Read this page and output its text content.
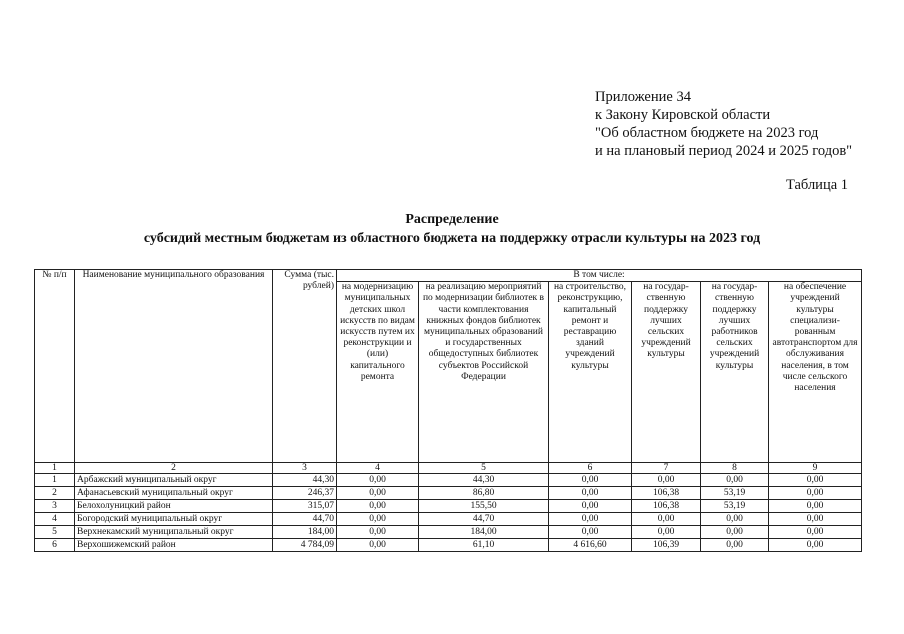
Приложение 34
к Закону Кировской области
"Об областном бюджете на 2023 год
и на плановый период 2024 и 2025 годов"
Таблица 1
Распределение
субсидий местным бюджетам из областного бюджета на поддержку отрасли культуры на 2023 год
№ п/п	Наименование муниципального образования	Сумма (тыс. рублей)	В том числе:					
			на модернизацию муниципальных детских школ искусств по видам искусств путем их реконструкции и (или) капитального ремонта	на реализацию мероприятий по модернизации библиотек в части комплектования книжных фондов библиотек муниципальных образований и государственных общедоступных библиотек субъектов Российской Федерации	на строительство, реконструкцию, капитальный ремонт и реставрацию зданий учреждений культуры	на государ- ственную поддержку лучших сельских учреждений культуры	на государ- ственную поддержку лучших работников сельских учреждений культуры	на обеспечение учреждений культуры специализи- рованным автотранспортом для обслуживания населения, в том числе сельского населения
1	2	3	4	5	6	7	8	9
1	Арбажский муниципальный округ	44,30	0,00	44,30	0,00	0,00	0,00	0,00
2	Афанасьевский муниципальный округ	246,37	0,00	86,80	0,00	106,38	53,19	0,00
3	Белохолуницкий район	315,07	0,00	155,50	0,00	106,38	53,19	0,00
4	Богородский муниципальный округ	44,70	0,00	44,70	0,00	0,00	0,00	0,00
5	Верхнекамский муниципальный округ	184,00	0,00	184,00	0,00	0,00	0,00	0,00
6	Верхошижемский район	4 784,09	0,00	61,10	4 616,60	106,39	0,00	0,00
